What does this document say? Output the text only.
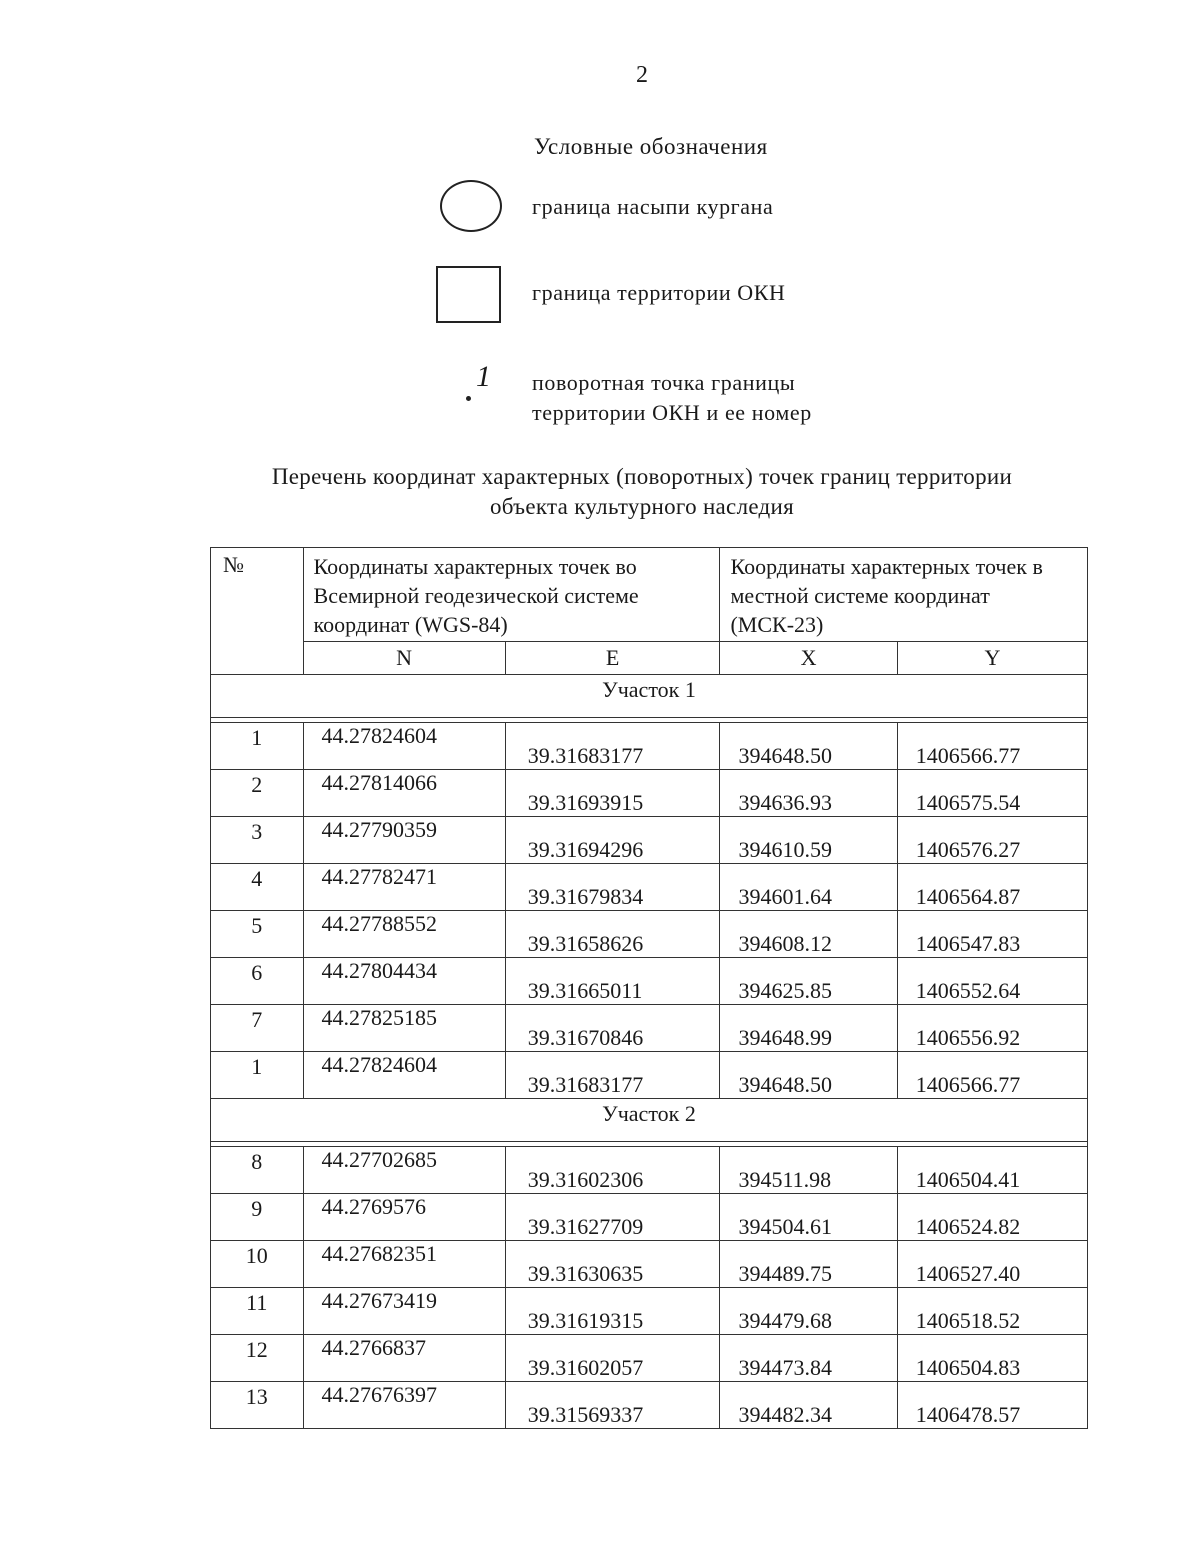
2
Условные обозначения
граница насыпи кургана
граница территории ОКН
1 поворотная точка границы
территории ОКН и ее номер
Перечень координат характерных (поворотных) точек границ территории
объекта культурного наследия
№	Координаты характерных точек во Всемирной геодезической системе координат (WGS-84)		Координаты характерных точек в местной системе координат (МСК-23)	
	N	E	X	Y
Участок 1				

1	44.27824604	39.31683177	394648.50	1406566.77
2	44.27814066	39.31693915	394636.93	1406575.54
3	44.27790359	39.31694296	394610.59	1406576.27
4	44.27782471	39.31679834	394601.64	1406564.87
5	44.27788552	39.31658626	394608.12	1406547.83
6	44.27804434	39.31665011	394625.85	1406552.64
7	44.27825185	39.31670846	394648.99	1406556.92
1	44.27824604	39.31683177	394648.50	1406566.77
Участок 2				

8	44.27702685	39.31602306	394511.98	1406504.41
9	44.2769576	39.31627709	394504.61	1406524.82
10	44.27682351	39.31630635	394489.75	1406527.40
11	44.27673419	39.31619315	394479.68	1406518.52
12	44.2766837	39.31602057	394473.84	1406504.83
13	44.27676397	39.31569337	394482.34	1406478.57
